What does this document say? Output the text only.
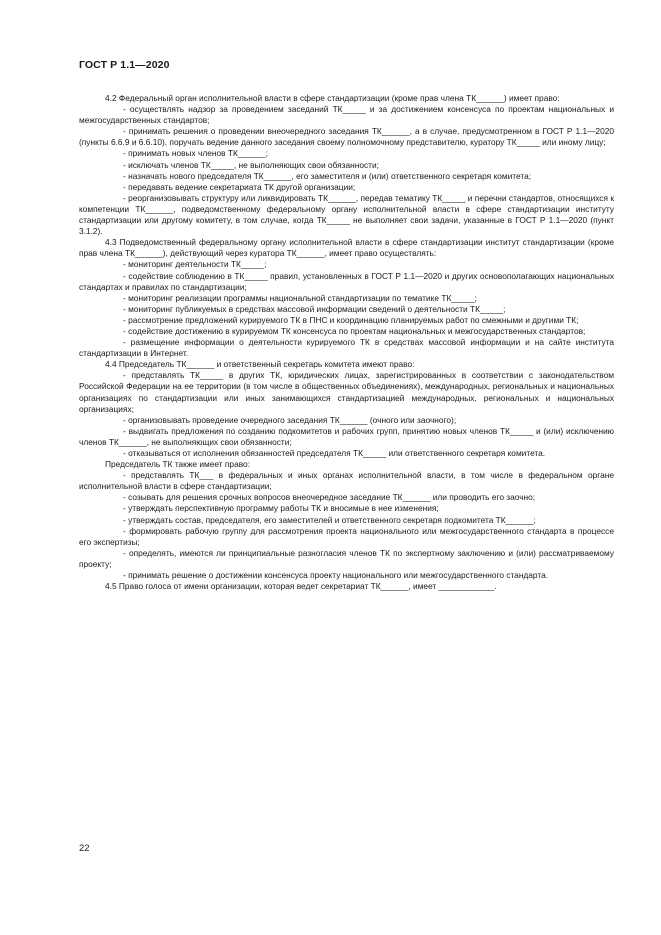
ГОСТ Р 1.1—2020

4.2 Федеральный орган исполнительной власти в сфере стандартизации (кроме прав члена ТК______) имеет право:

- осуществлять надзор за проведением заседаний ТК_____ и за достижением консенсуса по проектам национальных и межгосударственных стандартов;

- принимать решения о проведении внеочередного заседания ТК______, а в случае, предусмотренном в ГОСТ Р 1.1—2020 (пункты 6.6.9 и 6.6.10), поручать ведение данного заседания своему полномочному представителю, куратору ТК_____ или иному лицу;

- принимать новых членов ТК______;

- исключать членов ТК_____, не выполняющих свои обязанности;

- назначать нового председателя ТК______, его заместителя и (или) ответственного секретаря комитета;

- передавать ведение секретариата ТК другой организации;

- реорганизовывать структуру или ликвидировать ТК______, передав тематику ТК_____ и перечни стандартов, относящихся к компетенции ТК______, подведомственному федеральному органу исполнительной власти в сфере стандартизации институту стандартизации или другому комитету, в том случае, когда ТК_____ не выполняет свои задачи, указанные в ГОСТ Р 1.1—2020 (пункт 3.1.2).

4.3 Подведомственный федеральному органу исполнительной власти в сфере стандартизации институт стандартизации (кроме прав члена ТК______), действующий через куратора ТК______, имеет право осуществлять:

- мониторинг деятельности ТК_____;

- содействие соблюдению в ТК_____ правил, установленных в ГОСТ Р 1.1—2020 и других основополагающих национальных стандартах и правилах по стандартизации;

- мониторинг реализации программы национальной стандартизации по тематике ТК_____;

- мониторинг публикуемых в средствах массовой информации сведений о деятельности ТК_____;

- рассмотрение предложений курируемого ТК в ПНС и координацию планируемых работ по смежными и другими ТК;

- содействие достижению в курируемом ТК консенсуса по проектам национальных и межгосударственных стандартов;

- размещение информации о деятельности курируемого ТК в средствах массовой информации и на сайте института стандартизации в Интернет.

4.4 Председатель ТК______ и ответственный секретарь комитета имеют право:

- представлять ТК_____ в других ТК, юридических лицах, зарегистрированных в соответствии с законодательством Российской Федерации на ее территории (в том числе в общественных объединениях), международных, региональных и национальных организациях по стандартизации или иных занимающихся стандартизацией международных, региональных и национальных организациях;

- организовывать проведение очередного заседания ТК______ (очного или заочного);

- выдвигать предложения по созданию подкомитетов и рабочих групп, принятию новых членов ТК_____ и (или) исключению членов ТК______, не выполняющих свои обязанности;

- отказываться от исполнения обязанностей председателя ТК_____ или ответственного секретаря комитета.

Председатель ТК также имеет право:

- представлять ТК___ в федеральных и иных органах исполнительной власти, в том числе в федеральном органе исполнительной власти в сфере стандартизации;

- созывать для решения срочных вопросов внеочередное заседание ТК______ или проводить его заочно;

- утверждать перспективную программу работы ТК и вносимые в нее изменения;

- утверждать состав, председателя, его заместителей и ответственного секретаря подкомитета ТК______;

- формировать рабочую группу для рассмотрения проекта национального или межгосударственного стандарта в процессе его экспертизы;

- определять, имеются ли принципиальные разногласия членов ТК по экспертному заключению и (или) рассматриваемому проекту;

- принимать решение о достижении консенсуса проекту национального или межгосударственного стандарта.

4.5 Право голоса от имени организации, которая ведет секретариат ТК______, имеет ____________.

22
